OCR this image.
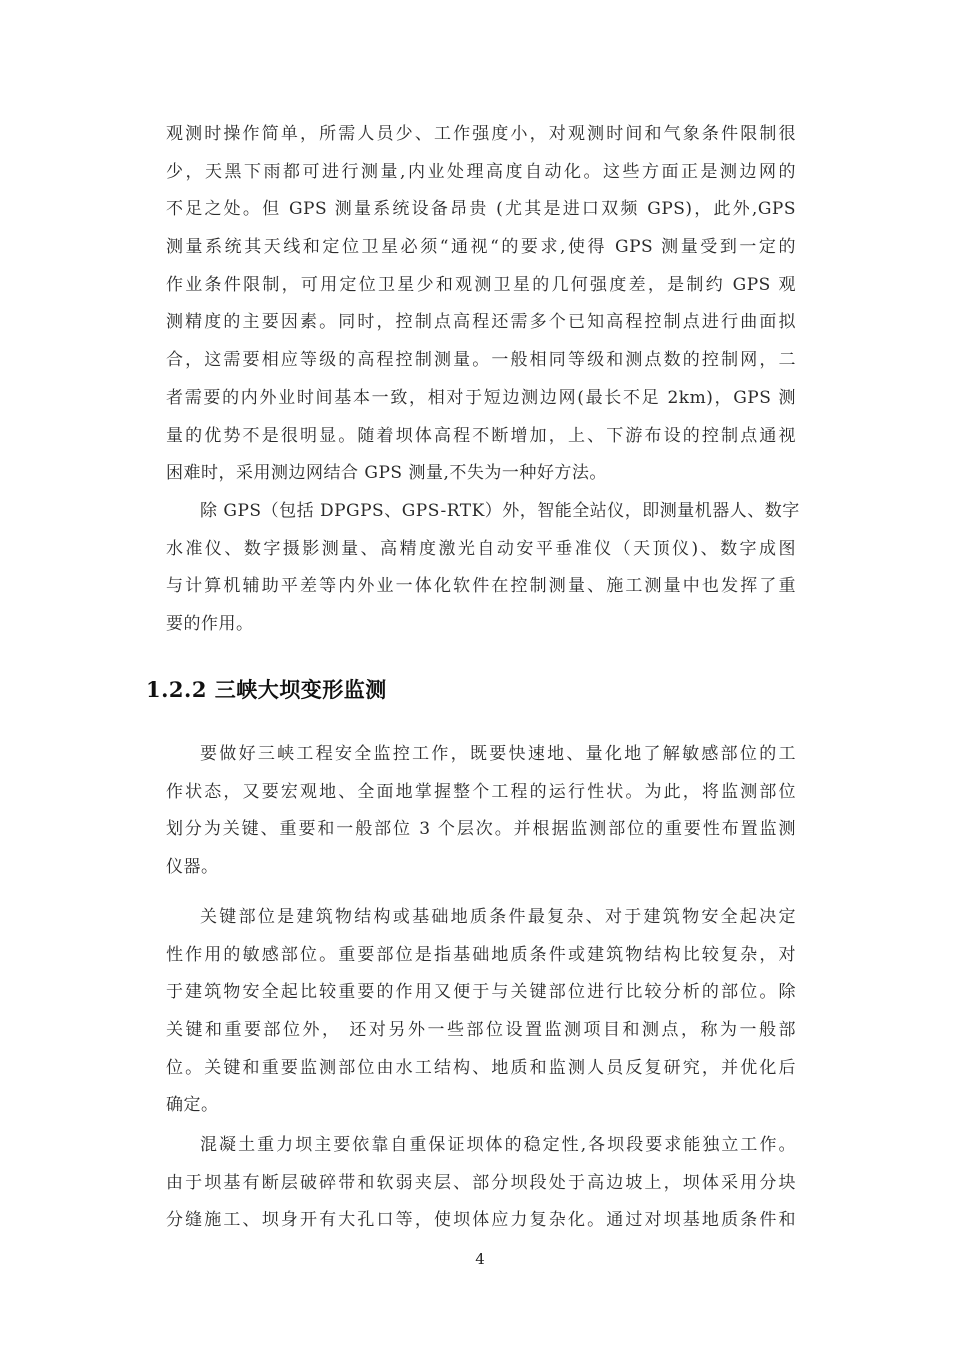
观测时操作简单，所需人员少、工作强度小，对观测时间和气象条件限制很
少，天黑下雨都可进行测量,内业处理高度自动化。这些方面正是测边网的
不足之处。但 GPS 测量系统设备昂贵 (尤其是进口双频 GPS)，此外,GPS
测量系统其天线和定位卫星必须“通视“的要求,使得 GPS 测量受到一定的
作业条件限制，可用定位卫星少和观测卫星的几何强度差，是制约 GPS 观
测精度的主要因素。同时，控制点高程还需多个已知高程控制点进行曲面拟
合，这需要相应等级的高程控制测量。一般相同等级和测点数的控制网，二
者需要的内外业时间基本一致，相对于短边测边网(最长不足 2km)，GPS 测
量的优势不是很明显。随着坝体高程不断增加，上、下游布设的控制点通视
困难时，采用测边网结合 GPS 测量,不失为一种好方法。
除 GPS（包括 DPGPS、GPS-RTK）外，智能全站仪，即测量机器人、数字
水准仪、数字摄影测量、高精度激光自动安平垂准仪（天顶仪)、数字成图
与计算机辅助平差等内外业一体化软件在控制测量、施工测量中也发挥了重
要的作用。
1.2.2 三峡大坝变形监测
要做好三峡工程安全监控工作，既要快速地、量化地了解敏感部位的工
作状态，又要宏观地、全面地掌握整个工程的运行性状。为此，将监测部位
划分为关键、重要和一般部位 3 个层次。并根据监测部位的重要性布置监测
仪器。
关键部位是建筑物结构或基础地质条件最复杂、对于建筑物安全起决定
性作用的敏感部位。重要部位是指基础地质条件或建筑物结构比较复杂，对
于建筑物安全起比较重要的作用又便于与关键部位进行比较分析的部位。除
关键和重要部位外， 还对另外一些部位设置监测项目和测点，称为一般部
位。关键和重要监测部位由水工结构、地质和监测人员反复研究，并优化后
确定。
混凝土重力坝主要依靠自重保证坝体的稳定性,各坝段要求能独立工作。
由于坝基有断层破碎带和软弱夹层、部分坝段处于高边坡上，坝体采用分块
分缝施工、坝身开有大孔口等，使坝体应力复杂化。通过对坝基地质条件和
4
